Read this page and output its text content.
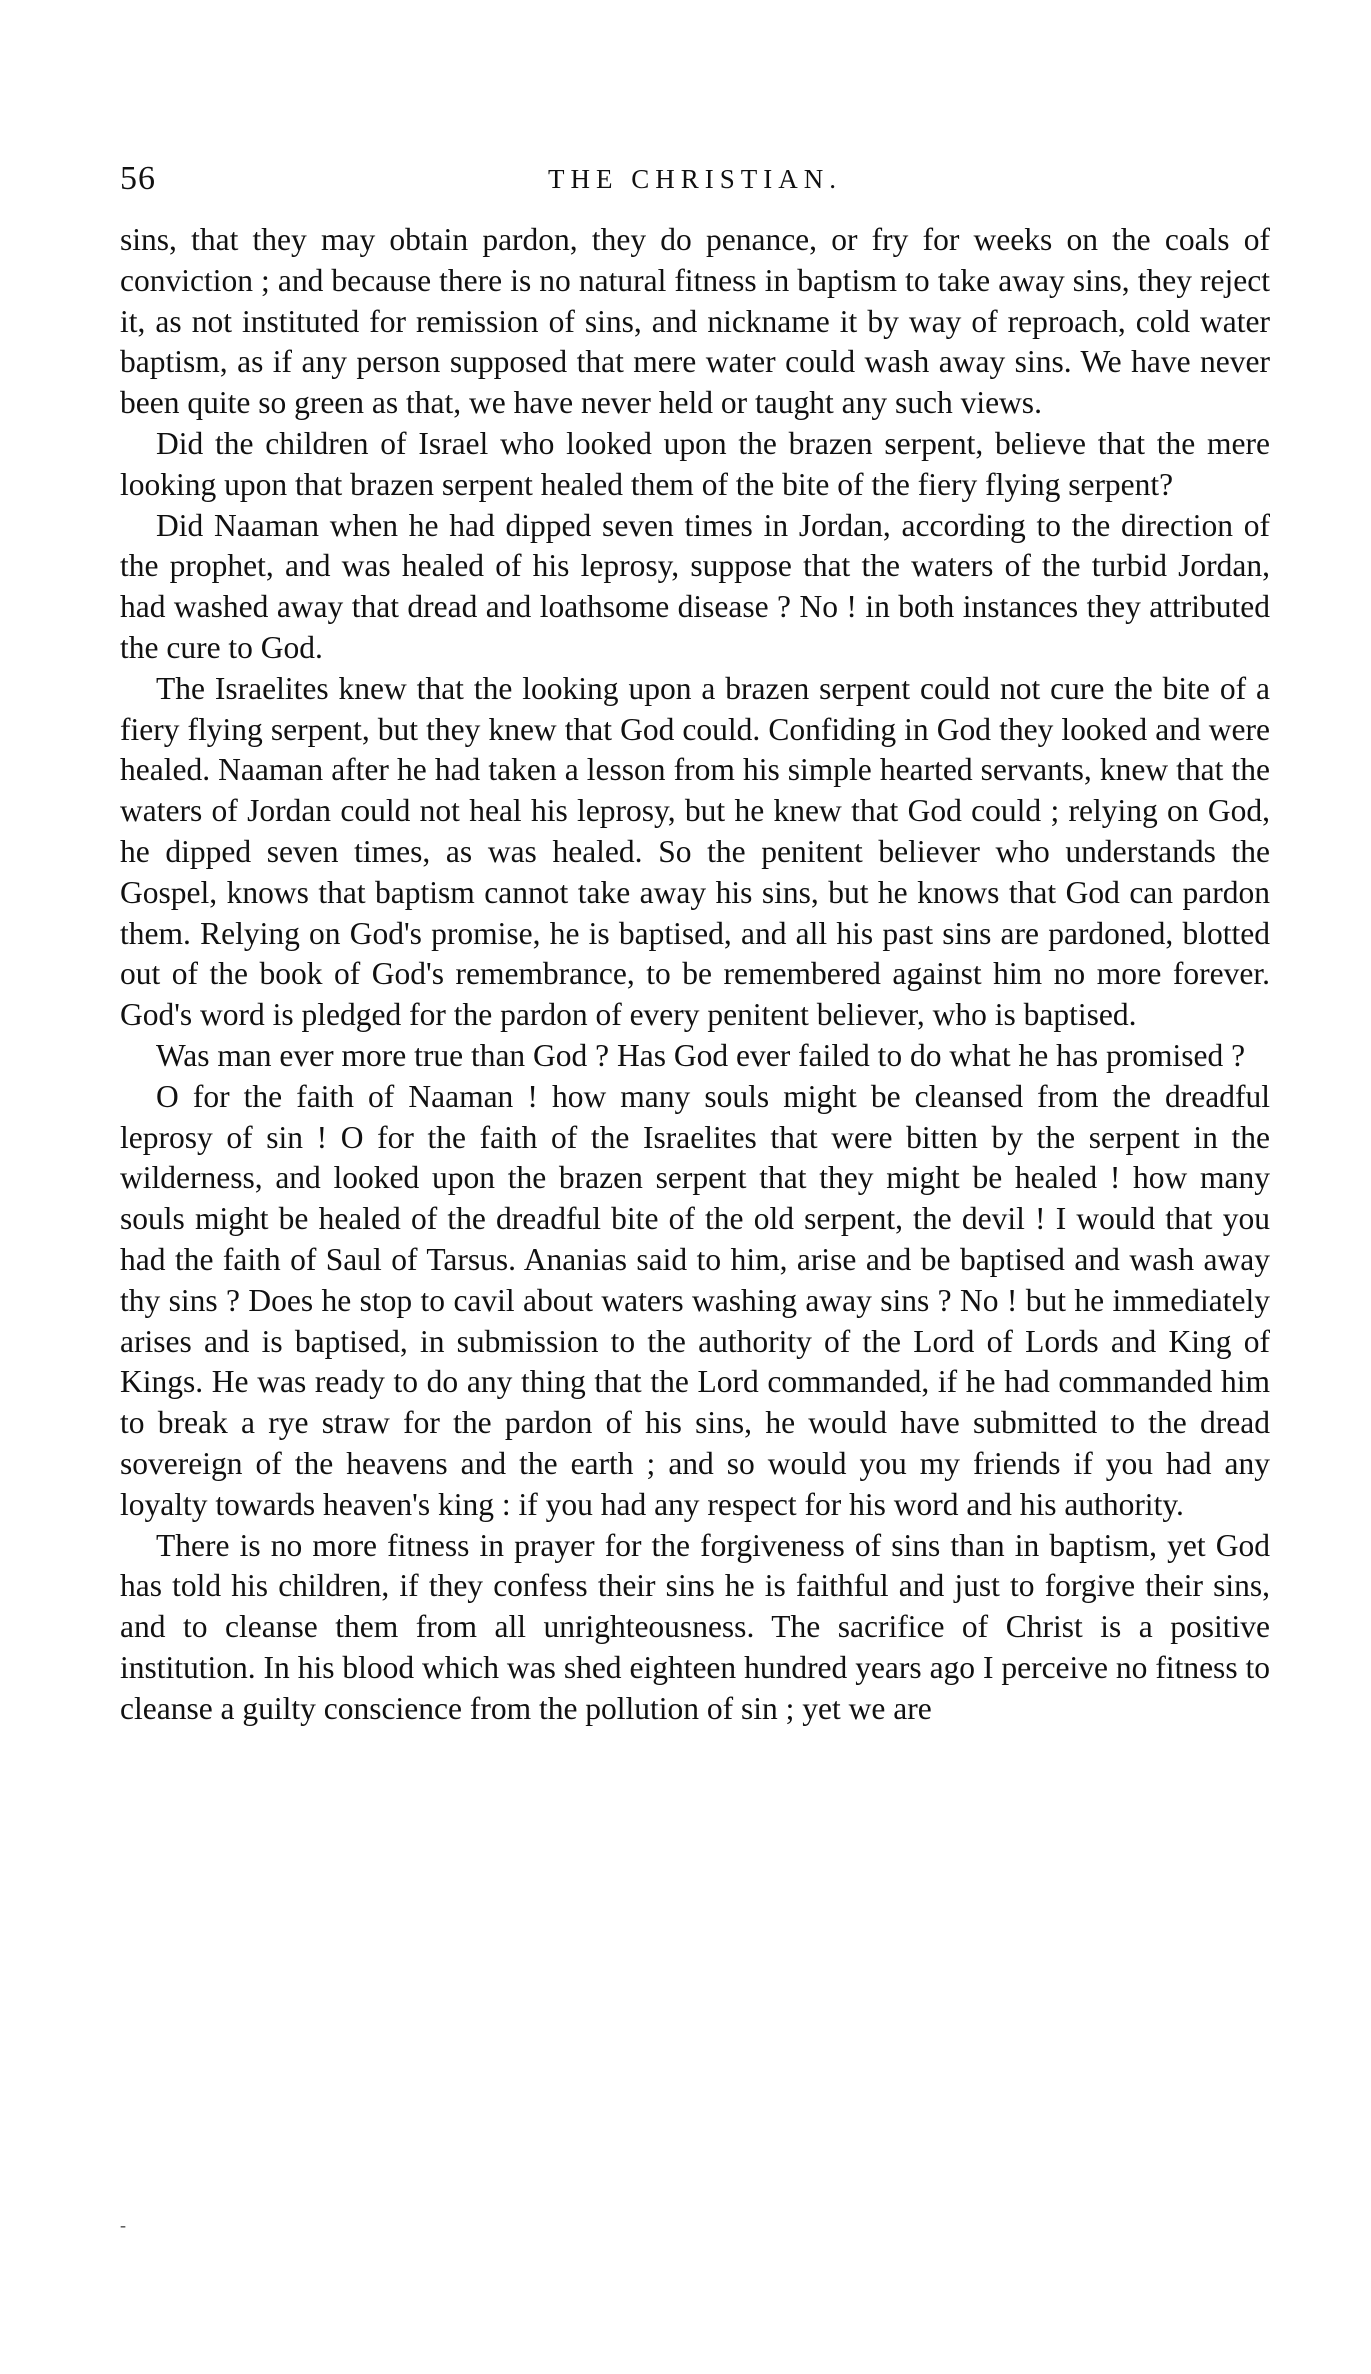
56	THE CHRISTIAN.

sins, that they may obtain pardon, they do penance, or fry for weeks on the coals of conviction ; and because there is no natural fitness in baptism to take away sins, they reject it, as not instituted for remission of sins, and nickname it by way of reproach, cold water baptism, as if any person supposed that mere water could wash away sins. We have never been quite so green as that, we have never held or taught any such views.

Did the children of Israel who looked upon the brazen serpent, believe that the mere looking upon that brazen serpent healed them of the bite of the fiery flying serpent?

Did Naaman when he had dipped seven times in Jordan, according to the direction of the prophet, and was healed of his leprosy, suppose that the waters of the turbid Jordan, had washed away that dread and loathsome disease ? No ! in both instances they attributed the cure to God.

The Israelites knew that the looking upon a brazen serpent could not cure the bite of a fiery flying serpent, but they knew that God could. Confiding in God they looked and were healed. Naaman after he had taken a lesson from his simple hearted servants, knew that the waters of Jordan could not heal his leprosy, but he knew that God could ; relying on God, he dipped seven times, as was healed. So the penitent believer who understands the Gospel, knows that baptism cannot take away his sins, but he knows that God can pardon them. Relying on God's promise, he is baptised, and all his past sins are pardoned, blotted out of the book of God's remembrance, to be remembered against him no more forever. God's word is pledged for the pardon of every penitent believer, who is baptised.

Was man ever more true than God ? Has God ever failed to do what he has promised ?

O for the faith of Naaman ! how many souls might be cleansed from the dreadful leprosy of sin ! O for the faith of the Israelites that were bitten by the serpent in the wilderness, and looked upon the brazen serpent that they might be healed ! how many souls might be healed of the dreadful bite of the old serpent, the devil ! I would that you had the faith of Saul of Tarsus. Ananias said to him, arise and be baptised and wash away thy sins ? Does he stop to cavil about waters washing away sins ? No ! but he immediately arises and is baptised, in submission to the authority of the Lord of Lords and King of Kings. He was ready to do any thing that the Lord commanded, if he had commanded him to break a rye straw for the pardon of his sins, he would have submitted to the dread sovereign of the heavens and the earth ; and so would you my friends if you had any loyalty towards heaven's king : if you had any respect for his word and his authority.

There is no more fitness in prayer for the forgiveness of sins than in baptism, yet God has told his children, if they confess their sins he is faithful and just to forgive their sins, and to cleanse them from all unrighteousness. The sacrifice of Christ is a positive institution. In his blood which was shed eighteen hundred years ago I perceive no fitness to cleanse a guilty conscience from the pollution of sin ; yet we are

-
